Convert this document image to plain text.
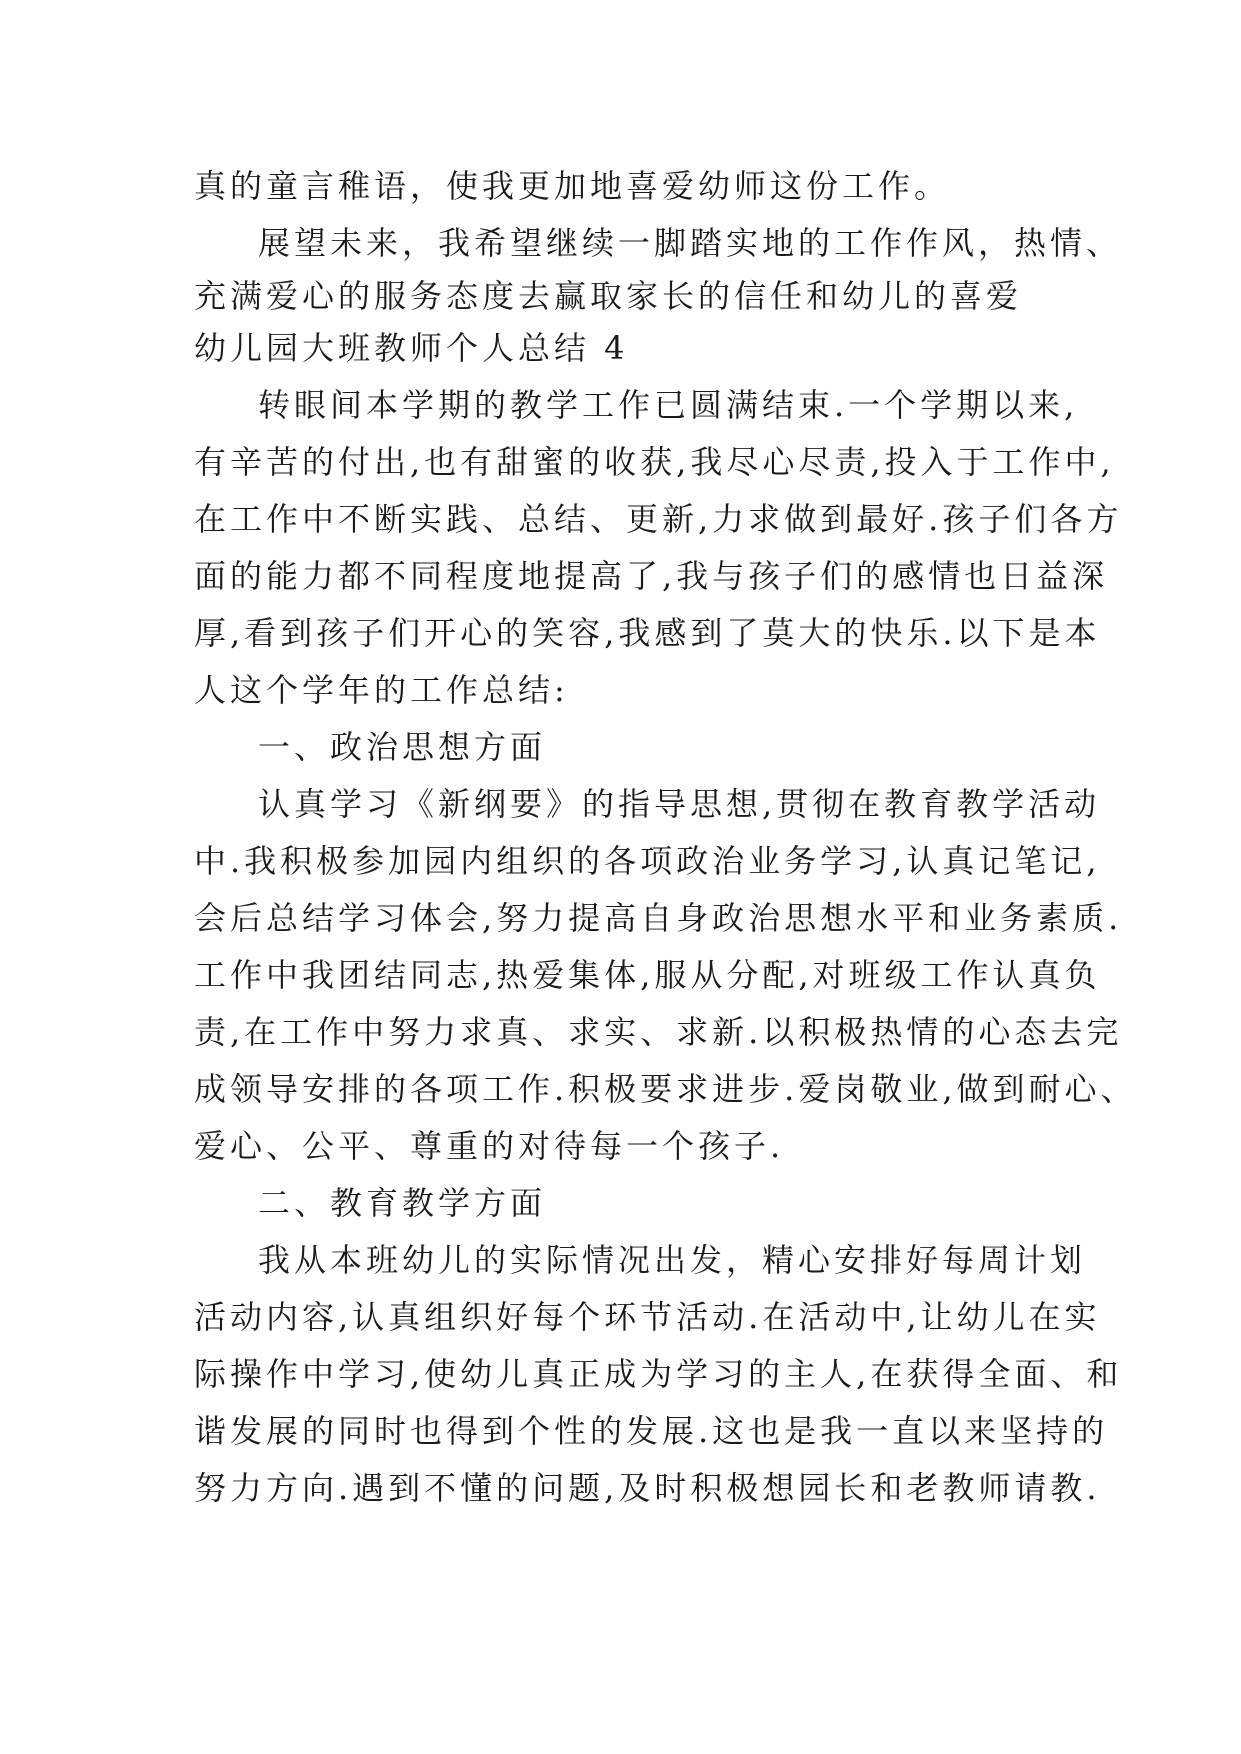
真的童言稚语，使我更加地喜爱幼师这份工作。
展望未来，我希望继续一脚踏实地的工作作风，热情、
充满爱心的服务态度去赢取家长的信任和幼儿的喜爱
幼儿园大班教师个人总结 4
转眼间本学期的教学工作已圆满结束.一个学期以来,
有辛苦的付出,也有甜蜜的收获,我尽心尽责,投入于工作中,
在工作中不断实践、总结、更新,力求做到最好.孩子们各方
面的能力都不同程度地提高了,我与孩子们的感情也日益深
厚,看到孩子们开心的笑容,我感到了莫大的快乐.以下是本
人这个学年的工作总结:
一、政治思想方面
认真学习《新纲要》的指导思想,贯彻在教育教学活动
中.我积极参加园内组织的各项政治业务学习,认真记笔记,
会后总结学习体会,努力提高自身政治思想水平和业务素质.
工作中我团结同志,热爱集体,服从分配,对班级工作认真负
责,在工作中努力求真、求实、求新.以积极热情的心态去完
成领导安排的各项工作.积极要求进步.爱岗敬业,做到耐心、
爱心、公平、尊重的对待每一个孩子.
二、教育教学方面
我从本班幼儿的实际情况出发，精心安排好每周计划
活动内容,认真组织好每个环节活动.在活动中,让幼儿在实
际操作中学习,使幼儿真正成为学习的主人,在获得全面、和
谐发展的同时也得到个性的发展.这也是我一直以来坚持的
努力方向.遇到不懂的问题,及时积极想园长和老教师请教.
